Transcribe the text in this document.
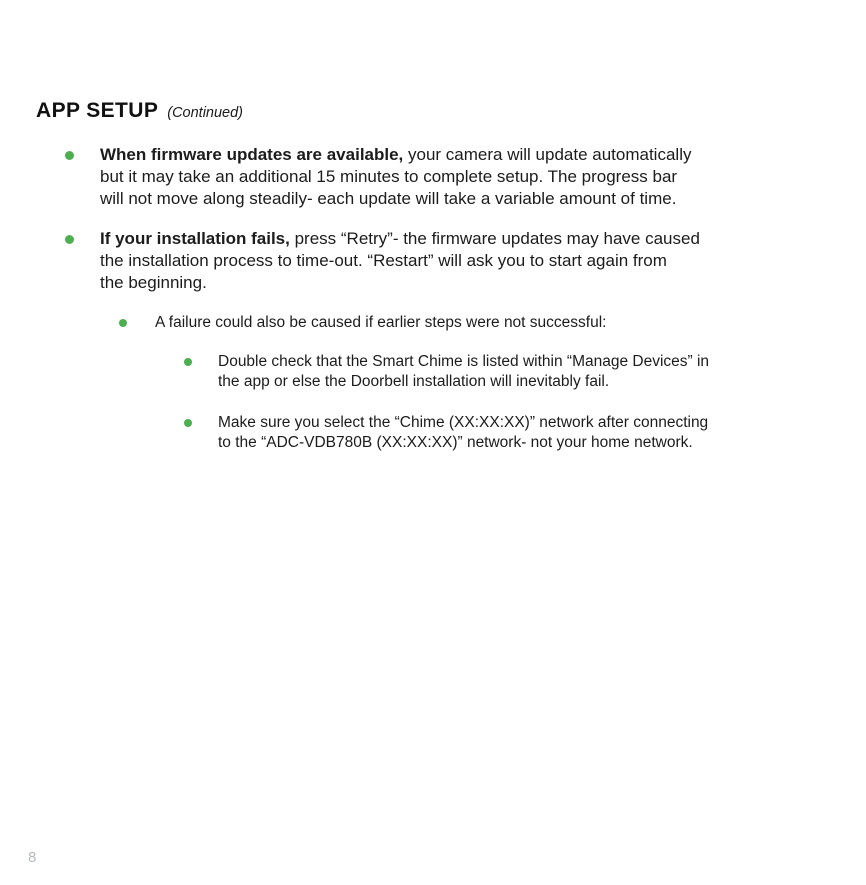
APP SETUP (Continued)

When firmware updates are available, your camera will update automatically
but it may take an additional 15 minutes to complete setup. The progress bar
will not move along steadily- each update will take a variable amount of time.

If your installation fails, press “Retry”- the firmware updates may have caused
the installation process to time-out. “Restart” will ask you to start again from
the beginning.

A failure could also be caused if earlier steps were not successful:

Double check that the Smart Chime is listed within “Manage Devices” in
the app or else the Doorbell installation will inevitably fail.

Make sure you select the “Chime (XX:XX:XX)” network after connecting
to the “ADC-VDB780B (XX:XX:XX)” network- not your home network.

8
